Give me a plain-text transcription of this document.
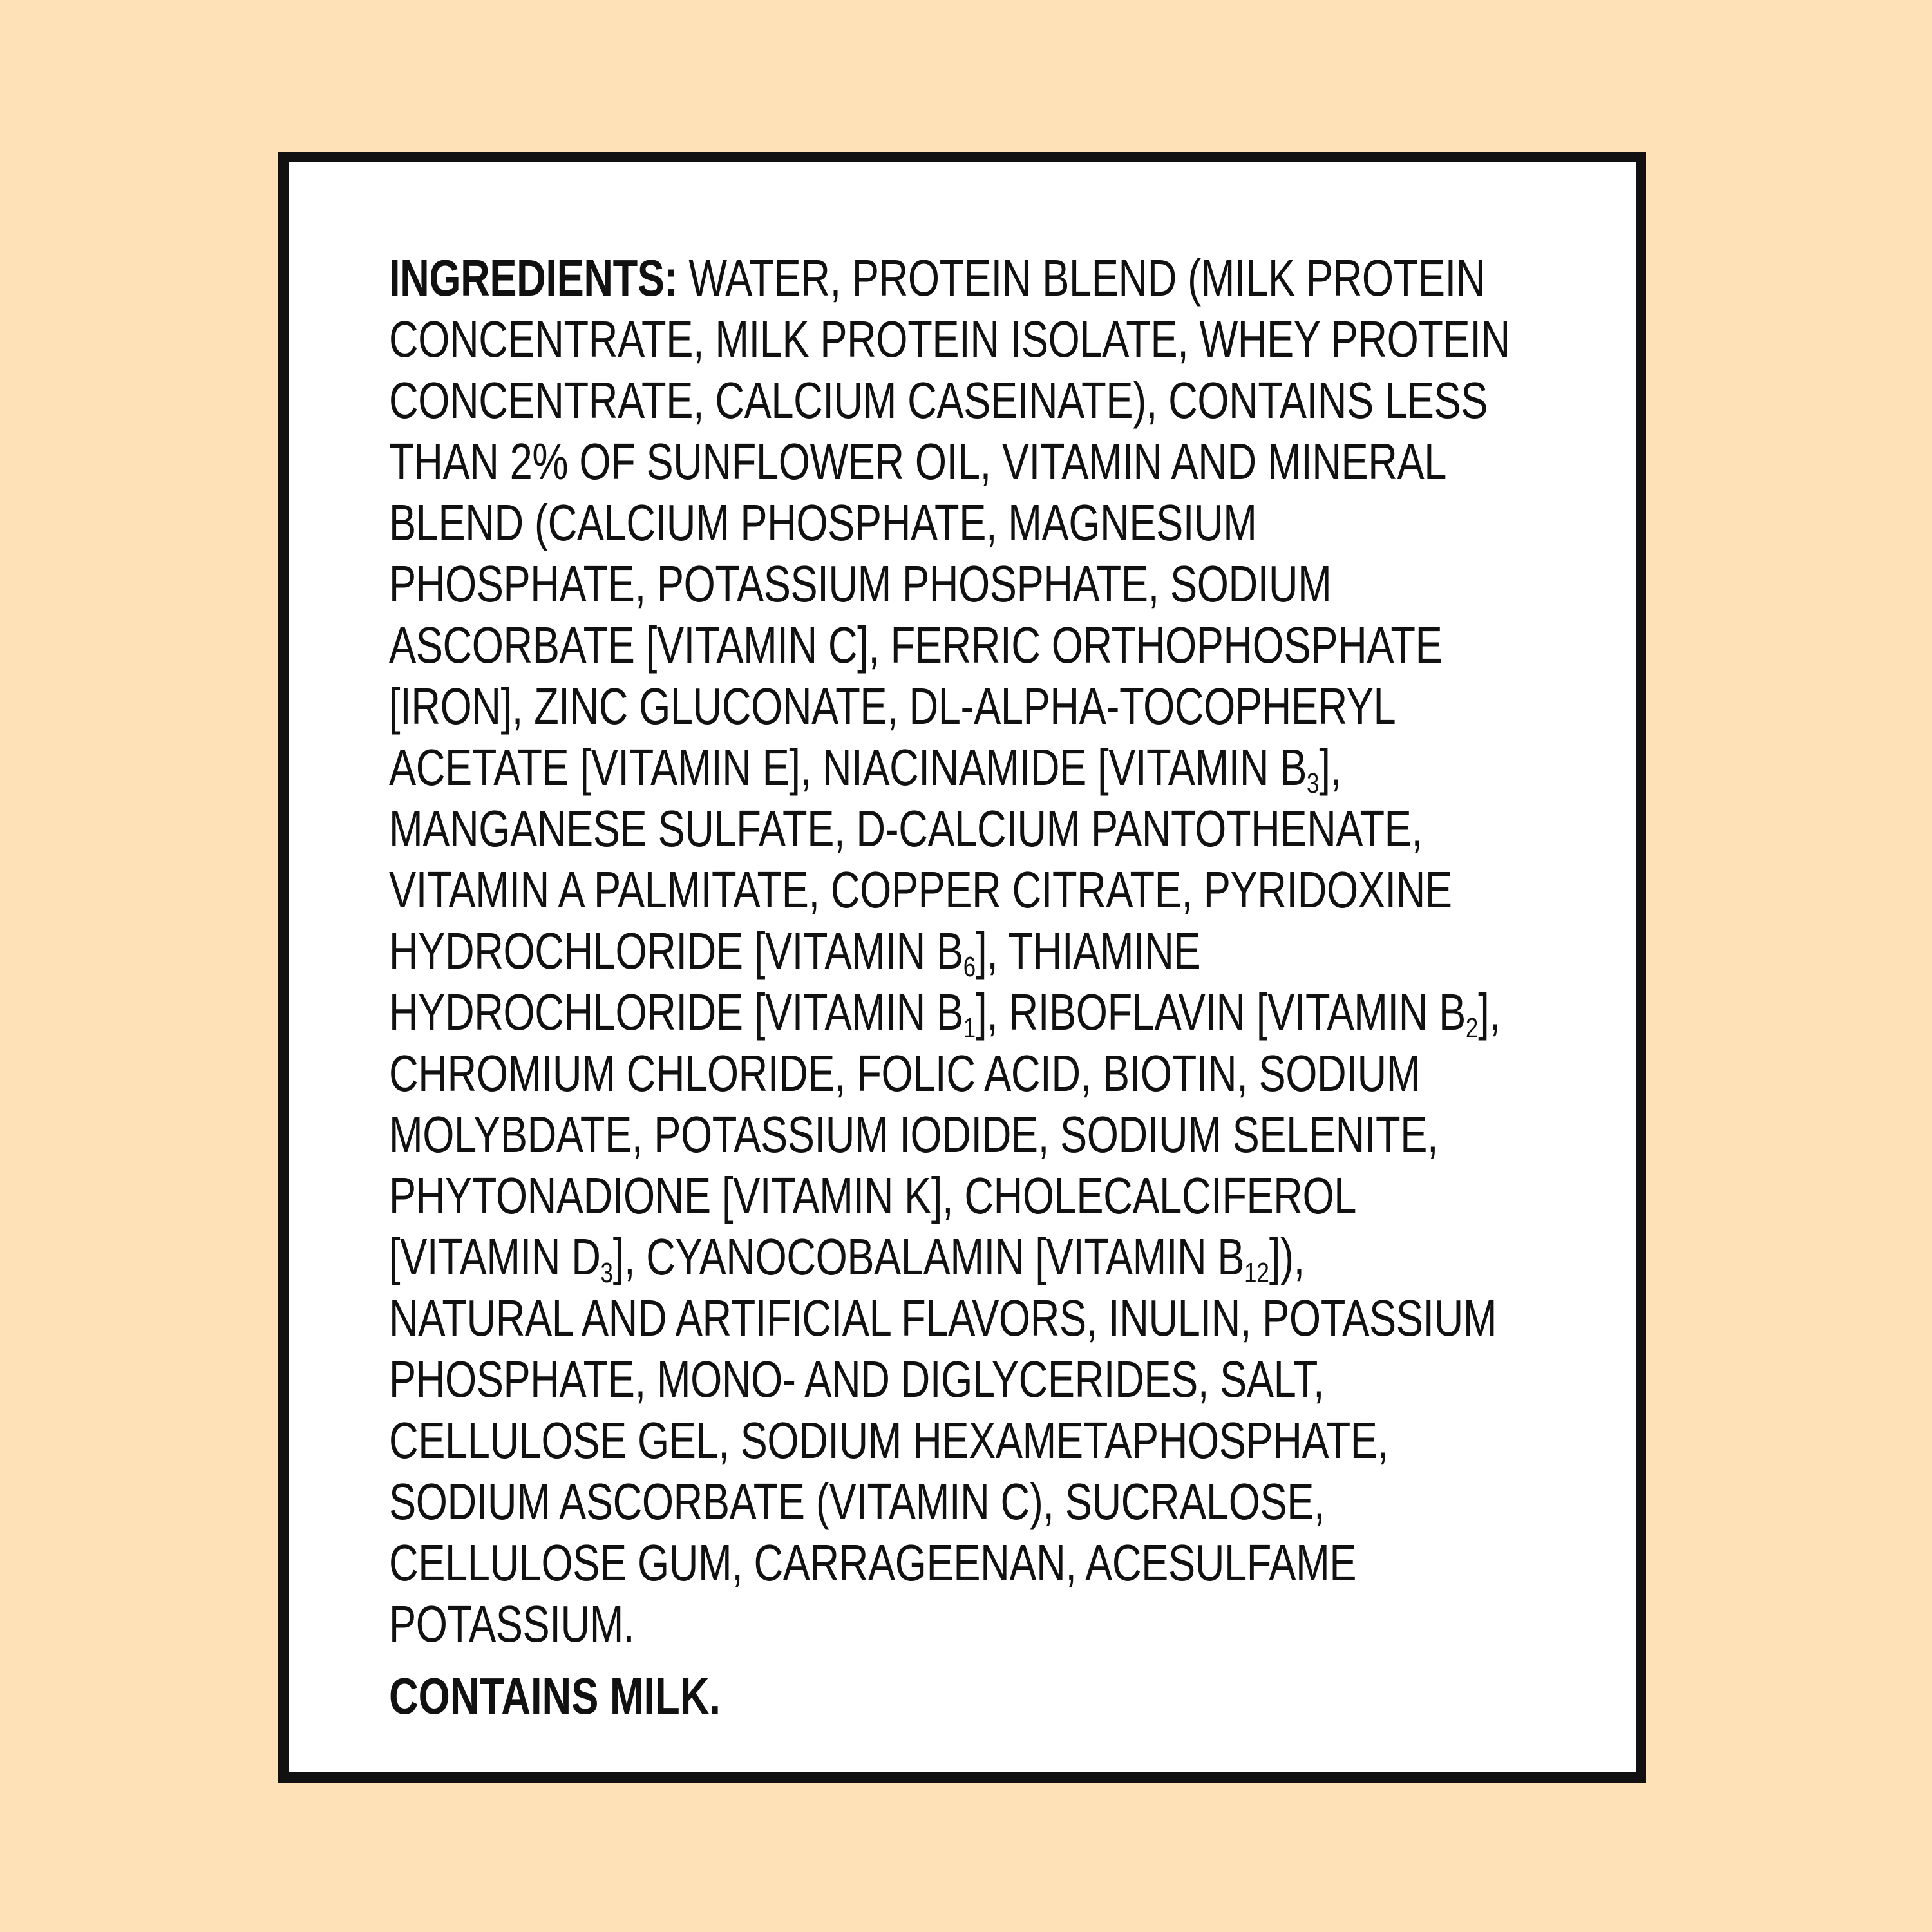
INGREDIENTS: WATER, PROTEIN BLEND (MILK PROTEIN
CONCENTRATE, MILK PROTEIN ISOLATE, WHEY PROTEIN
CONCENTRATE, CALCIUM CASEINATE), CONTAINS LESS
THAN 2% OF SUNFLOWER OIL, VITAMIN AND MINERAL
BLEND (CALCIUM PHOSPHATE, MAGNESIUM
PHOSPHATE, POTASSIUM PHOSPHATE, SODIUM
ASCORBATE [VITAMIN C], FERRIC ORTHOPHOSPHATE
[IRON], ZINC GLUCONATE, DL-ALPHA-TOCOPHERYL
ACETATE [VITAMIN E], NIACINAMIDE [VITAMIN $B_3$],
MANGANESE SULFATE, D-CALCIUM PANTOTHENATE,
VITAMIN A PALMITATE, COPPER CITRATE, PYRIDOXINE
HYDROCHLORIDE [VITAMIN $B_6$], THIAMINE
HYDROCHLORIDE [VITAMIN $B_1$], RIBOFLAVIN [VITAMIN $B_2$],
CHROMIUM CHLORIDE, FOLIC ACID, BIOTIN, SODIUM
MOLYBDATE, POTASSIUM IODIDE, SODIUM SELENITE,
PHYTONADIONE [VITAMIN K], CHOLECALCIFEROL
[VITAMIN $D_3$], CYANOCOBALAMIN [VITAMIN $B_{12}$]),
NATURAL AND ARTIFICIAL FLAVORS, INULIN, POTASSIUM
PHOSPHATE, MONO- AND DIGLYCERIDES, SALT,
CELLULOSE GEL, SODIUM HEXAMETAPHOSPHATE,
SODIUM ASCORBATE (VITAMIN C), SUCRALOSE,
CELLULOSE GUM, CARRAGEENAN, ACESULFAME
POTASSIUM.

CONTAINS MILK.
